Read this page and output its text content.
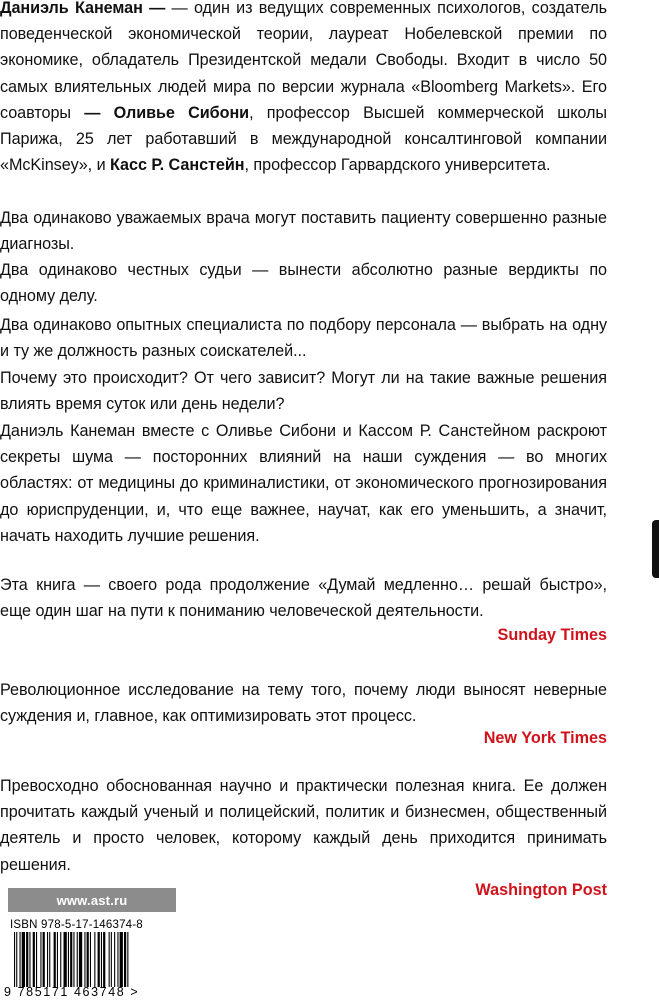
Даниэль Канеман — — один из ведущих современных психологов, создатель поведенческой экономической теории, лауреат Нобелевской премии по экономике, обладатель Президентской медали Свободы. Входит в число 50 самых влиятельных людей мира по версии журнала «Bloomberg Markets». Его соавторы — Оливье Сибони, профессор Высшей коммерческой школы Парижа, 25 лет работавший в международной консалтинговой компании «McKinsey», и Касс Р. Санстейн, профессор Гарвардского университета.

Два одинаково уважаемых врача могут поставить пациенту совершенно разные диагнозы.

Два одинаково честных судьи — вынести абсолютно разные вердикты по одному делу.

Два одинаково опытных специалиста по подбору персонала — выбрать на одну и ту же должность разных соискателей...

Почему это происходит? От чего зависит? Могут ли на такие важные решения влиять время суток или день недели?

Даниэль Канеман вместе с Оливье Сибони и Кассом Р. Санстейном раскроют секреты шума — посторонних влияний на наши суждения — во многих областях: от медицины до криминалистики, от экономического прогнозирования до юриспруденции, и, что еще важнее, научат, как его уменьшить, а значит, начать находить лучшие решения.

Эта книга — своего рода продолжение «Думай медленно… решай быстро», еще один шаг на пути к пониманию человеческой деятельности.

Sunday Times

Революционное исследование на тему того, почему люди выносят неверные суждения и, главное, как оптимизировать этот процесс.

New York Times

Превосходно обоснованная научно и практически полезная книга. Ее должен прочитать каждый ученый и полицейский, политик и бизнесмен, общественный деятель и просто человек, которому каждый день приходится принимать решения.

Washington Post

www.ast.ru
ISBN 978-5-17-146374-8
9 785171 463748 >
